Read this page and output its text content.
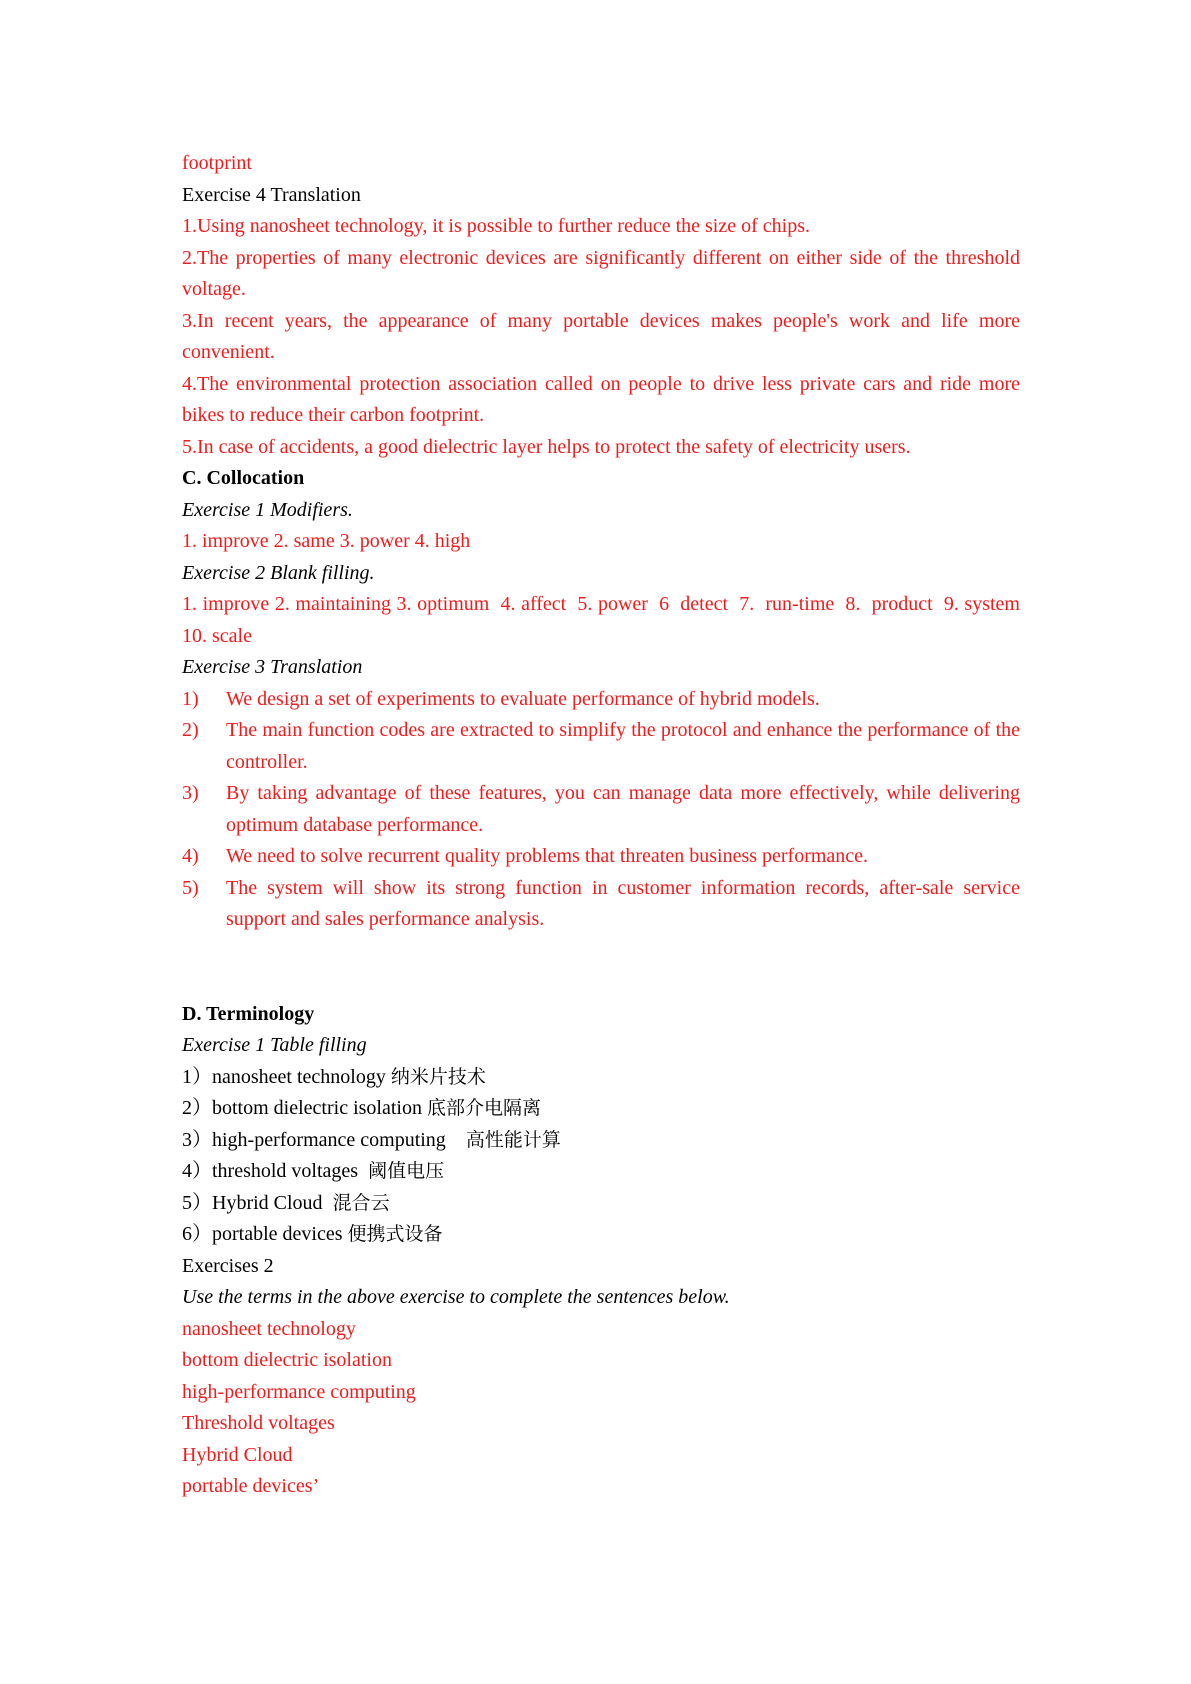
footprint
Exercise 4 Translation
1.Using nanosheet technology, it is possible to further reduce the size of chips.
2.The properties of many electronic devices are significantly different on either side of the threshold voltage.
3.In recent years, the appearance of many portable devices makes people's work and life more convenient.
4.The environmental protection association called on people to drive less private cars and ride more bikes to reduce their carbon footprint.
5.In case of accidents, a good dielectric layer helps to protect the safety of electricity users.
C. Collocation
Exercise 1 Modifiers.
1. improve 2. same 3. power 4. high
Exercise 2 Blank filling.
1. improve 2. maintaining 3. optimum  4. affect  5. power  6  detect  7.  run-time  8.  product  9. system 10. scale
Exercise 3 Translation
1)	We design a set of experiments to evaluate performance of hybrid models.
2)	The main function codes are extracted to simplify the protocol and enhance the performance of the controller.
3)	By taking advantage of these features, you can manage data more effectively, while delivering optimum database performance.
4)	We need to solve recurrent quality problems that threaten business performance.
5)	The system will show its strong function in customer information records, after-sale service support and sales performance analysis.
D. Terminology
Exercise 1 Table filling
1）nanosheet technology 纳米片技术
2）bottom dielectric isolation 底部介电隔离
3）high-performance computing 高性能计算
4）threshold voltages 阈值电压
5）Hybrid Cloud 混合云
6）portable devices 便携式设备
Exercises 2
Use the terms in the above exercise to complete the sentences below.
nanosheet technology
bottom dielectric isolation
high-performance computing
Threshold voltages
Hybrid Cloud
portable devices’
